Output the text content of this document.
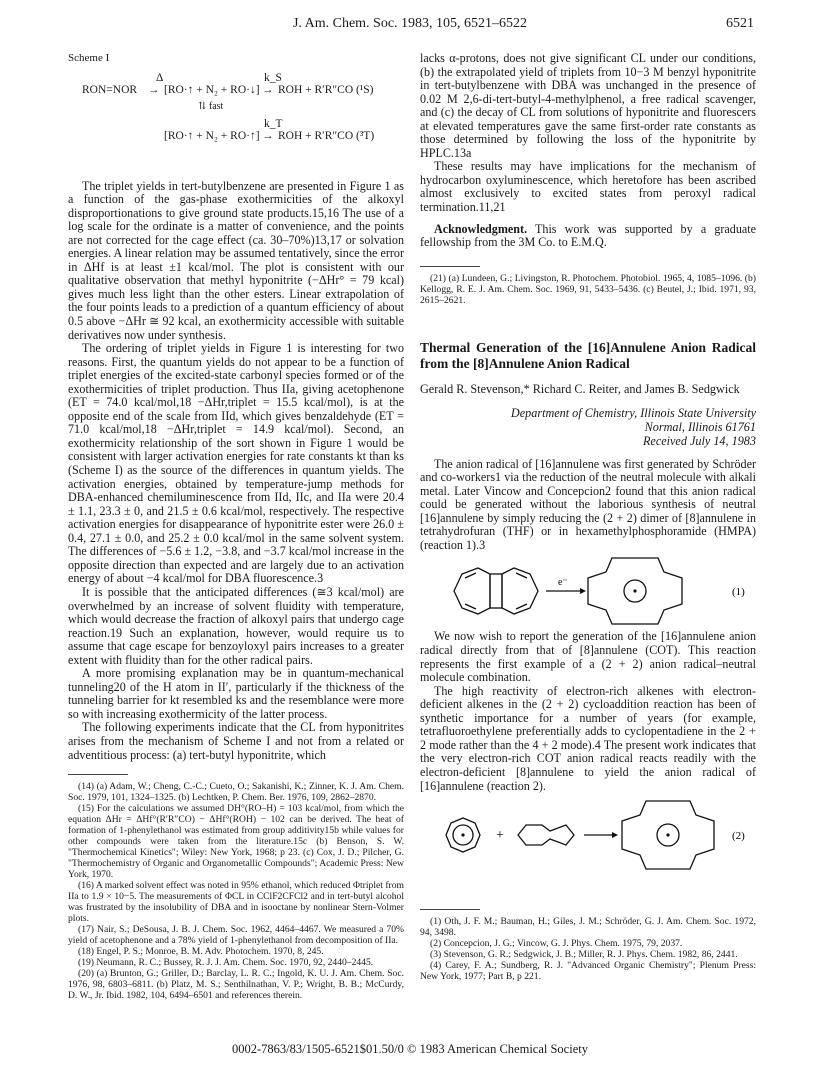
J. Am. Chem. Soc. 1983, 105, 6521–6522	6521
Scheme I
Δ	k_S
RON=NOR → [RO·↑ + N₂ + RO·↓] → ROH + R′R″CO (¹S)
⇅ fast
k_T
[RO·↑ + N₂ + RO·↑] → ROH + R′R″CO (³T)

The triplet yields in tert-butylbenzene are presented in Figure 1 as a function of the gas-phase exothermicities of the alkoxyl disproportionations to give ground state products.15,16 The use of a log scale for the ordinate is a matter of convenience, and the points are not corrected for the cage effect (ca. 30–70%)13,17 or solvation energies. A linear relation may be assumed tentatively, since the error in ΔHf is at least ±1 kcal/mol. The plot is consistent with our qualitative observation that methyl hyponitrite (−ΔHr° = 79 kcal) gives much less light than the other esters. Linear extrapolation of the four points leads to a prediction of a quantum efficiency of about 0.5 above −ΔHr ≅ 92 kcal, an exothermicity accessible with suitable derivatives now under synthesis.

The ordering of triplet yields in Figure 1 is interesting for two reasons. First, the quantum yields do not appear to be a function of triplet energies of the excited-state carbonyl species formed or of the exothermicities of triplet production. Thus IIa, giving acetophenone (ET = 74.0 kcal/mol,18 −ΔHr,triplet = 15.5 kcal/mol), is at the opposite end of the scale from IId, which gives benzaldehyde (ET = 71.0 kcal/mol,18 −ΔHr,triplet = 14.9 kcal/mol). Second, an exothermicity relationship of the sort shown in Figure 1 would be consistent with larger activation energies for rate constants kt than ks (Scheme I) as the source of the differences in quantum yields. The activation energies, obtained by temperature-jump methods for DBA-enhanced chemiluminescence from IId, IIc, and IIa were 20.4 ± 1.1, 23.3 ± 0, and 21.5 ± 0.6 kcal/mol, respectively. The respective activation energies for disappearance of hyponitrite ester were 26.0 ± 0.4, 27.1 ± 0.0, and 25.2 ± 0.0 kcal/mol in the same solvent system. The differences of −5.6 ± 1.2, −3.8, and −3.7 kcal/mol increase in the opposite direction than expected and are largely due to an activation energy of about −4 kcal/mol for DBA fluorescence.3

It is possible that the anticipated differences (≅3 kcal/mol) are overwhelmed by an increase of solvent fluidity with temperature, which would decrease the fraction of alkoxyl pairs that undergo cage reaction.19 Such an explanation, however, would require us to assume that cage escape for benzoyloxyl pairs increases to a greater extent with fluidity than for the other radical pairs.

A more promising explanation may be in quantum-mechanical tunneling20 of the H atom in II′, particularly if the thickness of the tunneling barrier for kt resembled ks and the resemblance were more so with increasing exothermicity of the latter process.

The following experiments indicate that the CL from hyponitrites arises from the mechanism of Scheme I and not from a related or adventitious process: (a) tert-butyl hyponitrite, which

(14) (a) Adam, W.; Cheng, C.-C.; Cueto, O.; Sakanishi, K.; Zinner, K. J. Am. Chem. Soc. 1979, 101, 1324–1325. (b) Lechtken, P. Chem. Ber. 1976, 109, 2862–2870.
(15) For the calculations we assumed DH°(RO–H) = 103 kcal/mol, from which the equation ΔHr = ΔHf°(R′R″CO) − ΔHf°(ROH) − 102 can be derived. The heat of formation of 1-phenylethanol was estimated from group additivity15b while values for other compounds were taken from the literature.15c (b) Benson, S. W. "Thermochemical Kinetics"; Wiley: New York, 1968; p 23. (c) Cox, J. D.; Pilcher, G. "Thermochemistry of Organic and Organometallic Compounds"; Academic Press: New York, 1970.
(16) A marked solvent effect was noted in 95% ethanol, which reduced Φtriplet from IIa to 1.9 × 10−5. The measurements of ΦCL in CClF2CFCl2 and in tert-butyl alcohol was frustrated by the insolubility of DBA and in isooctane by nonlinear Stern-Volmer plots.
(17) Nair, S.; DeSousa, J. B. J. Chem. Soc. 1962, 4464–4467. We measured a 70% yield of acetophenone and a 78% yield of 1-phenylethanol from decomposition of IIa.
(18) Engel, P. S.; Monroe, B. M. Adv. Photochem. 1970, 8, 245.
(19) Neumann, R. C.; Bussey, R. J. J. Am. Chem. Soc. 1970, 92, 2440–2445.
(20) (a) Brunton, G.; Griller, D.; Barclay, L. R. C.; Ingold, K. U. J. Am. Chem. Soc. 1976, 98, 6803–6811. (b) Platz, M. S.; Senthilnathan, V. P.; Wright, B. B.; McCurdy, D. W., Jr. Ibid. 1982, 104, 6494–6501 and references therein.

lacks α-protons, does not give significant CL under our conditions, (b) the extrapolated yield of triplets from 10−3 M benzyl hyponitrite in tert-butylbenzene with DBA was unchanged in the presence of 0.02 M 2,6-di-tert-butyl-4-methylphenol, a free radical scavenger, and (c) the decay of CL from solutions of hyponitrite and fluorescers at elevated temperatures gave the same first-order rate constants as those determined by following the loss of the hyponitrite by HPLC.13a

These results may have implications for the mechanism of hydrocarbon oxyluminescence, which heretofore has been ascribed almost exclusively to excited states from peroxyl radical termination.11,21

Acknowledgment. This work was supported by a graduate fellowship from the 3M Co. to E.M.Q.

(21) (a) Lundeen, G.; Livingston, R. Photochem. Photobiol. 1965, 4, 1085–1096. (b) Kellogg, R. E. J. Am. Chem. Soc. 1969, 91, 5433–5436. (c) Beutel, J.; Ibid. 1971, 93, 2615–2621.
Thermal Generation of the [16]Annulene Anion Radical from the [8]Annulene Anion Radical
Gerald R. Stevenson,* Richard C. Reiter, and James B. Sedgwick
Department of Chemistry, Illinois State University
Normal, Illinois 61761
Received July 14, 1983

The anion radical of [16]annulene was first generated by Schröder and co-workers1 via the reduction of the neutral molecule with alkali metal. Later Vincow and Concepcion2 found that this anion radical could be generated without the laborious synthesis of neutral [16]annulene by simply reducing the (2 + 2) dimer of [8]annulene in tetrahydrofuran (THF) or in hexamethylphosphoramide (HMPA) (reaction 1).3

e⁻
−
(1)

We now wish to report the generation of the [16]annulene anion radical directly from that of [8]annulene (COT). This reaction represents the first example of a (2 + 2) anion radical–neutral molecule combination.

The high reactivity of electron-rich alkenes with electron-deficient alkenes in the (2 + 2) cycloaddition reaction has been of synthetic importance for a number of years (for example, tetrafluoroethylene preferentially adds to cyclopentadiene in the 2 + 2 mode rather than the 4 + 2 mode).4 The present work indicates that the very electron-rich COT anion radical reacts readily with the electron-deficient [8]annulene to yield the anion radical of [16]annulene (reaction 2).

+	(2)
(1) Oth, J. F. M.; Bauman, H.; Giles, J. M.; Schröder, G. J. Am. Chem. Soc. 1972, 94, 3498.
(2) Concepcion, J. G.; Vincow, G. J. Phys. Chem. 1975, 79, 2037.
(3) Stevenson, G. R.; Sedgwick, J. B.; Miller, R. J. Phys. Chem. 1982, 86, 2441.
(4) Carey, F. A.; Sundberg, R. J. "Advanced Organic Chemistry"; Plenum Press: New York, 1977; Part B, p 221.
0002-7863/83/1505-6521$01.50/0 © 1983 American Chemical Society
